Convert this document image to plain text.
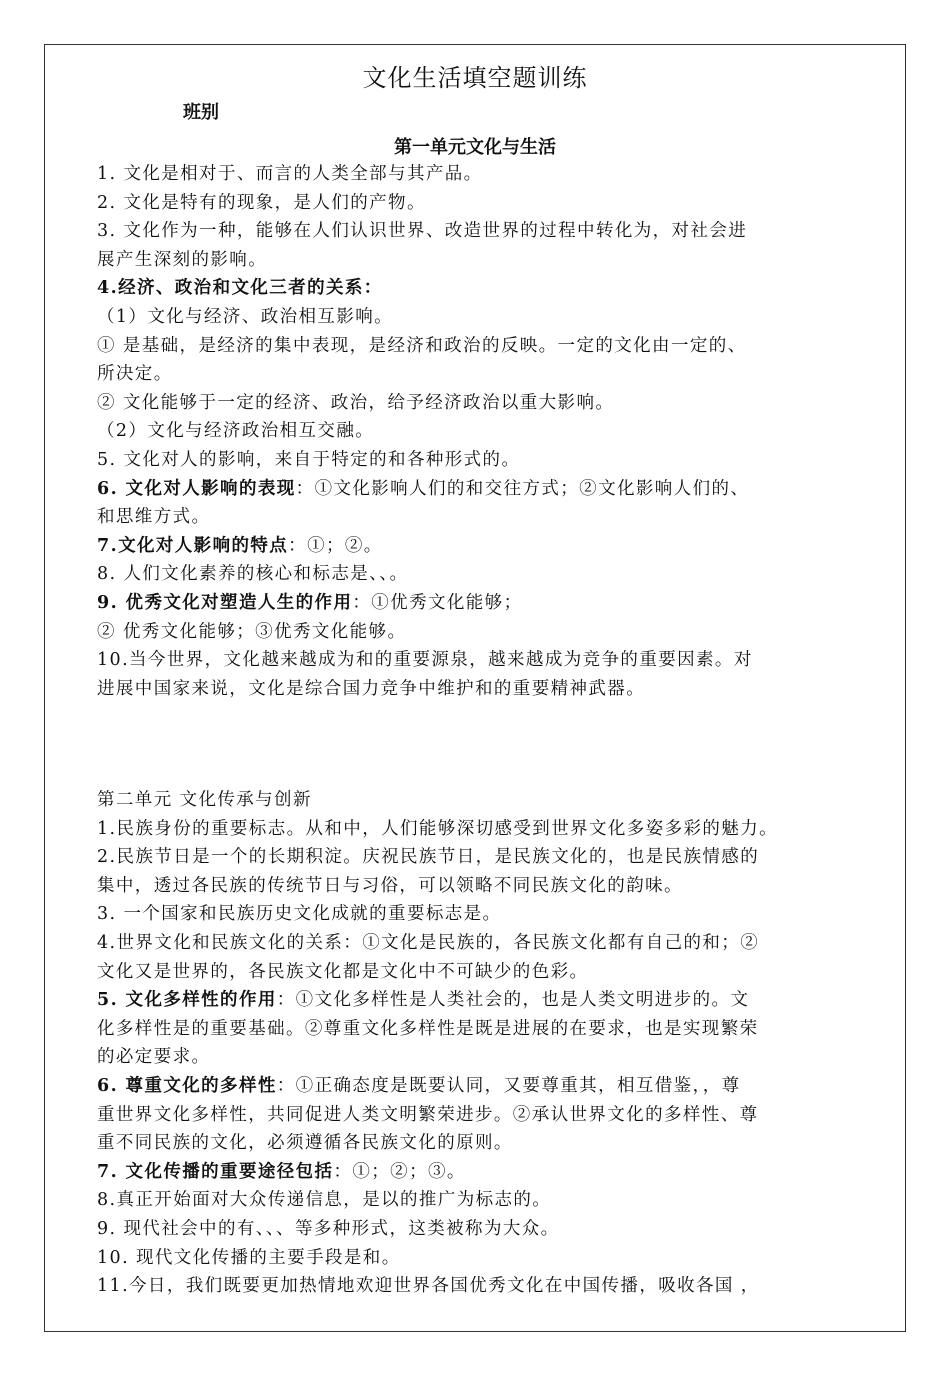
文化生活填空题训练
班别
第一单元文化与生活
1. 文化是相对于、而言的人类全部与其产品。
2. 文化是特有的现象，是人们的产物。
3. 文化作为一种，能够在人们认识世界、改造世界的过程中转化为，对社会进
展产生深刻的影响。
4.经济、政治和文化三者的关系：
（1）文化与经济、政治相互影响。
① 是基础，是经济的集中表现，是经济和政治的反映。一定的文化由一定的、
所决定。
② 文化能够于一定的经济、政治，给予经济政治以重大影响。
（2）文化与经济政治相互交融。
5. 文化对人的影响，来自于特定的和各种形式的。
6. 文化对人影响的表现：①文化影响人们的和交往方式；②文化影响人们的、
和思维方式。
7.文化对人影响的特点：①；②。
8. 人们文化素养的核心和标志是、、。
9. 优秀文化对塑造人生的作用：①优秀文化能够；
② 优秀文化能够；③优秀文化能够。
10.当今世界，文化越来越成为和的重要源泉，越来越成为竞争的重要因素。对
进展中国家来说，文化是综合国力竞争中维护和的重要精神武器。
第二单元 文化传承与创新
1.民族身份的重要标志。从和中，人们能够深切感受到世界文化多姿多彩的魅力。
2.民族节日是一个的长期积淀。庆祝民族节日，是民族文化的，也是民族情感的
集中，透过各民族的传统节日与习俗，可以领略不同民族文化的韵味。
3. 一个国家和民族历史文化成就的重要标志是。
4.世界文化和民族文化的关系：①文化是民族的，各民族文化都有自己的和；②
文化又是世界的，各民族文化都是文化中不可缺少的色彩。
5. 文化多样性的作用：①文化多样性是人类社会的，也是人类文明进步的。文
化多样性是的重要基础。②尊重文化多样性是既是进展的在要求，也是实现繁荣
的必定要求。
6. 尊重文化的多样性：①正确态度是既要认同，又要尊重其，相互借鉴，，尊
重世界文化多样性，共同促进人类文明繁荣进步。②承认世界文化的多样性、尊
重不同民族的文化，必须遵循各民族文化的原则。
7. 文化传播的重要途径包括：①；②；③。
8.真正开始面对大众传递信息，是以的推广为标志的。
9. 现代社会中的有、、、等多种形式，这类被称为大众。
10. 现代文化传播的主要手段是和。
11.今日，我们既要更加热情地欢迎世界各国优秀文化在中国传播，吸收各国 ，
